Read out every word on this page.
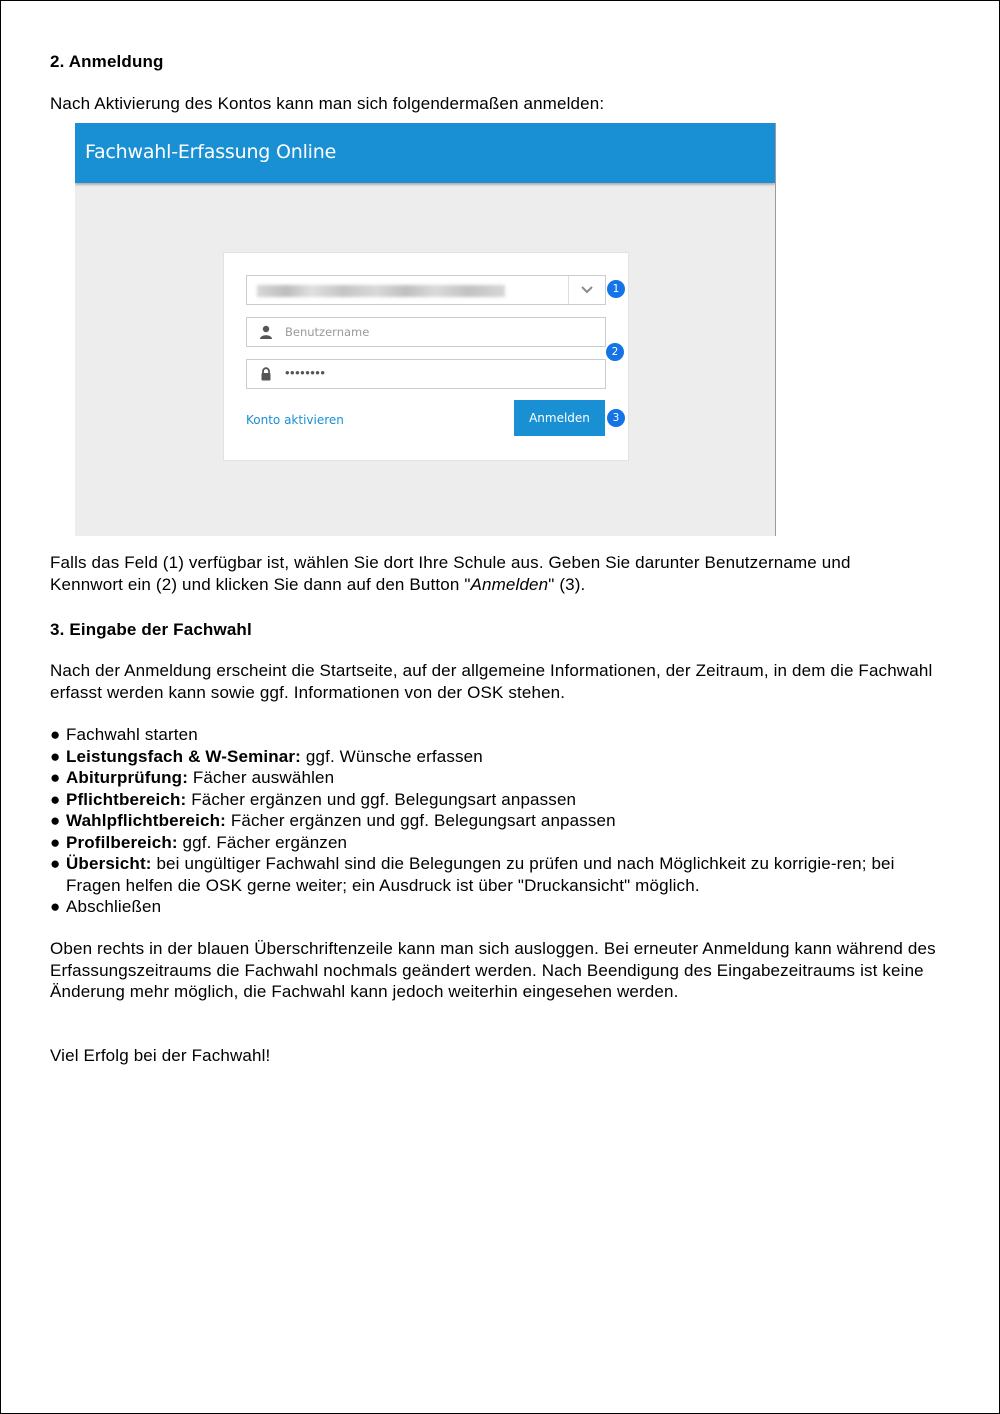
2. Anmeldung
Nach Aktivierung des Kontos kann man sich folgendermaßen anmelden:
Fachwahl-Erfassung Online
Benutzername
••••••••
Konto aktivieren	Anmelden
1
2
3

Falls das Feld (1) verfügbar ist, wählen Sie dort Ihre Schule aus. Geben Sie darunter Benutzername und

Kennwort ein (2) und klicken Sie dann auf den Button "Anmelden" (3).

3. Eingabe der Fachwahl
Nach der Anmeldung erscheint die Startseite, auf der allgemeine Informationen, der Zeitraum, in dem die Fachwahl erfasst werden kann sowie ggf. Informationen von der OSK stehen.
● Fachwahl starten
● Leistungsfach & W-Seminar: ggf. Wünsche erfassen
● Abiturprüfung: Fächer auswählen
● Pflichtbereich: Fächer ergänzen und ggf. Belegungsart anpassen
● Wahlpflichtbereich: Fächer ergänzen und ggf. Belegungsart anpassen
● Profilbereich: ggf. Fächer ergänzen
● Übersicht: bei ungültiger Fachwahl sind die Belegungen zu prüfen und nach Möglichkeit zu korrigie-ren; bei Fragen helfen die OSK gerne weiter; ein Ausdruck ist über "Druckansicht" möglich.
● Abschließen
Oben rechts in der blauen Überschriftenzeile kann man sich ausloggen. Bei erneuter Anmeldung kann während des Erfassungszeitraums die Fachwahl nochmals geändert werden. Nach Beendigung des Eingabezeitraums ist keine Änderung mehr möglich, die Fachwahl kann jedoch weiterhin eingesehen werden.
Viel Erfolg bei der Fachwahl!
